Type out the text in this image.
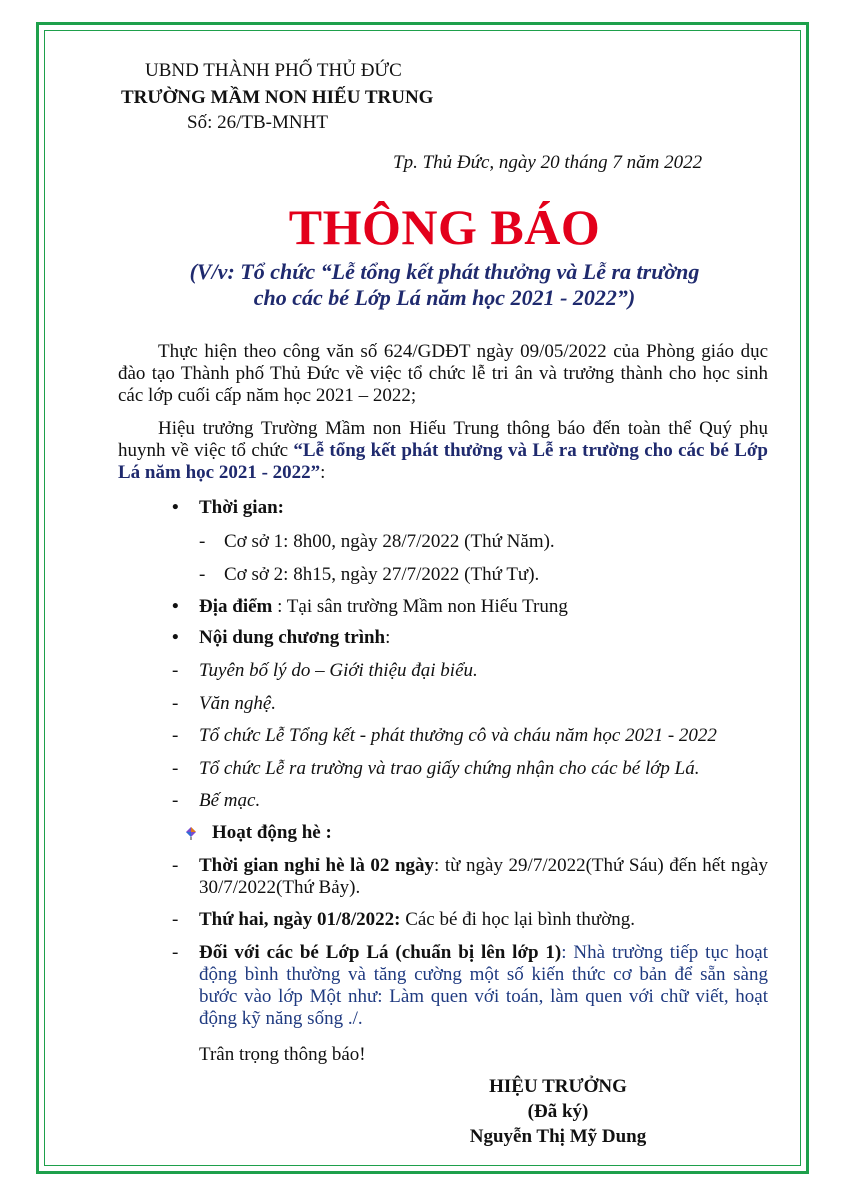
UBND THÀNH PHỐ THỦ ĐỨC
TRƯỜNG MẦM NON HIẾU TRUNG
Số: 26/TB-MNHT
Tp. Thủ Đức, ngày 20 tháng 7 năm 2022
THÔNG BÁO
(V/v: Tổ chức “Lễ tổng kết phát thưởng và Lễ ra trường
cho các bé Lớp Lá năm học 2021 - 2022”)
Thực hiện theo công văn số 624/GDĐT ngày 09/05/2022 của Phòng giáo dục đào tạo Thành phố Thủ Đức về việc tổ chức lễ tri ân và trưởng thành cho học sinh các lớp cuối cấp năm học 2021 – 2022;
Hiệu trưởng Trường Mầm non Hiếu Trung thông báo đến toàn thể Quý phụ huynh về việc tổ chức “Lễ tổng kết phát thưởng và Lễ ra trường cho các bé Lớp Lá năm học 2021 - 2022”:
• Thời gian:
- Cơ sở 1: 8h00, ngày 28/7/2022 (Thứ Năm).
- Cơ sở 2: 8h15, ngày 27/7/2022 (Thứ Tư).
• Địa điểm : Tại sân trường Mầm non Hiếu Trung
• Nội dung chương trình:
- Tuyên bố lý do – Giới thiệu đại biểu.
- Văn nghệ.
- Tổ chức Lễ Tổng kết - phát thưởng cô và cháu năm học 2021 - 2022
- Tổ chức Lễ ra trường và trao giấy chứng nhận cho các bé lớp Lá.
- Bế mạc.
Hoạt động hè :
- Thời gian nghỉ hè là 02 ngày: từ ngày 29/7/2022(Thứ Sáu) đến hết ngày 30/7/2022(Thứ Bảy).
- Thứ hai, ngày 01/8/2022: Các bé đi học lại bình thường.
- Đối với các bé Lớp Lá (chuẩn bị lên lớp 1): Nhà trường tiếp tục hoạt động bình thường và tăng cường một số kiến thức cơ bản để sẵn sàng bước vào lớp Một như: Làm quen với toán, làm quen với chữ viết, hoạt động kỹ năng sống ./.
Trân trọng thông báo!
HIỆU TRƯỞNG
(Đã ký)
Nguyễn Thị Mỹ Dung
